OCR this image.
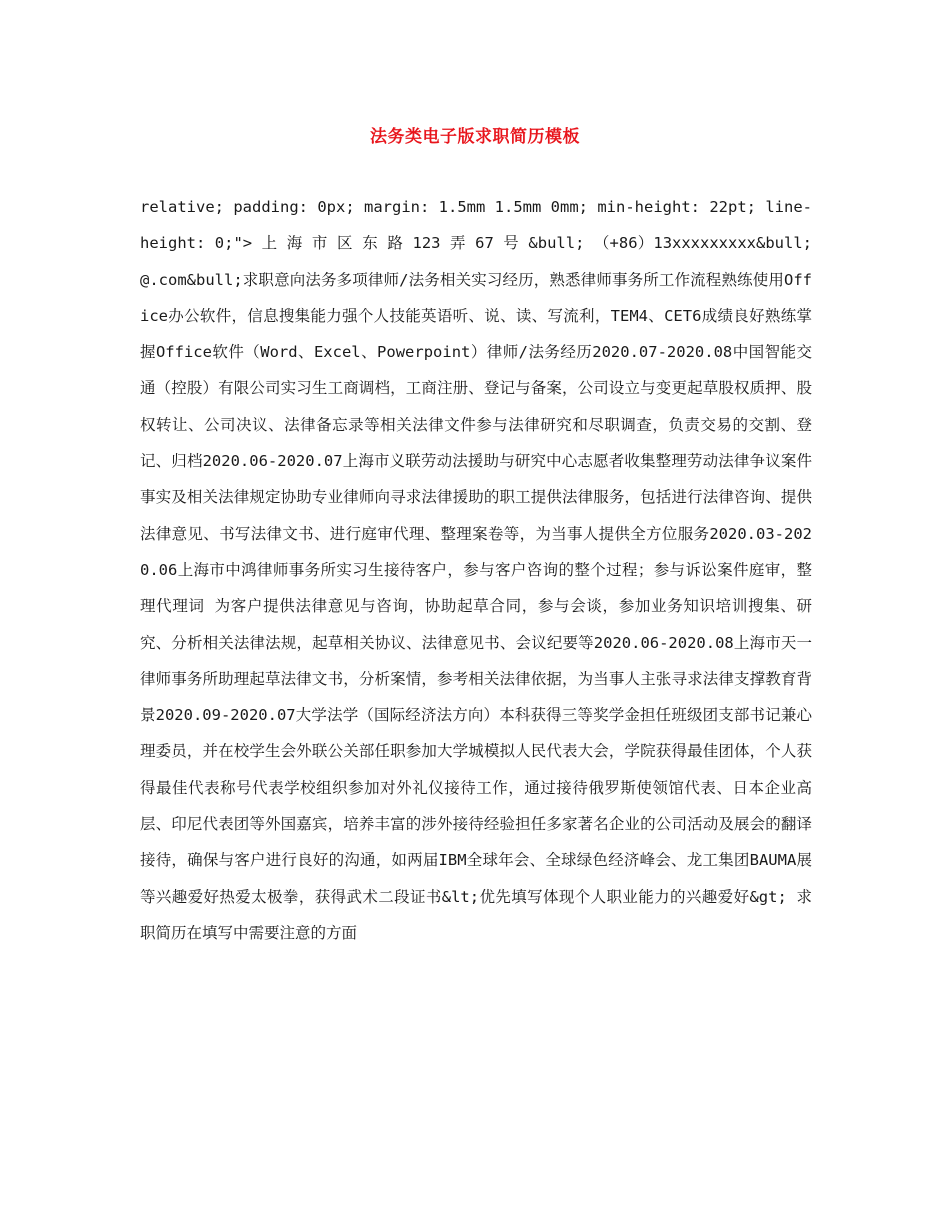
法务类电子版求职简历模板

relative; padding: 0px; margin: 1.5mm 1.5mm 0mm; min-height: 22pt; line-height: 0;"> 上 海 市 区 东 路 123 弄 67 号 &bull; （+86）13xxxxxxxxx&bull;@.com&bull;求职意向法务多项律师/法务相关实习经历，熟悉律师事务所工作流程熟练使用Office办公软件，信息搜集能力强个人技能英语听、说、读、写流利，TEM4、CET6成绩良好熟练掌握Office软件（Word、Excel、Powerpoint）律师/法务经历2020.07-2020.08中国智能交通（控股）有限公司实习生工商调档，工商注册、登记与备案，公司设立与变更起草股权质押、股权转让、公司决议、法律备忘录等相关法律文件参与法律研究和尽职调查，负责交易的交割、登记、归档2020.06-2020.07上海市义联劳动法援助与研究中心志愿者收集整理劳动法律争议案件事实及相关法律规定协助专业律师向寻求法律援助的职工提供法律服务，包括进行法律咨询、提供法律意见、书写法律文书、进行庭审代理、整理案卷等，为当事人提供全方位服务2020.03-2020.06上海市中鸿律师事务所实习生接待客户，参与客户咨询的整个过程；参与诉讼案件庭审，整理代理词 为客户提供法律意见与咨询，协助起草合同，参与会谈，参加业务知识培训搜集、研究、分析相关法律法规，起草相关协议、法律意见书、会议纪要等2020.06-2020.08上海市天一律师事务所助理起草法律文书，分析案情，参考相关法律依据，为当事人主张寻求法律支撑教育背景2020.09-2020.07大学法学（国际经济法方向）本科获得三等奖学金担任班级团支部书记兼心理委员，并在校学生会外联公关部任职参加大学城模拟人民代表大会，学院获得最佳团体，个人获得最佳代表称号代表学校组织参加对外礼仪接待工作，通过接待俄罗斯使领馆代表、日本企业高层、印尼代表团等外国嘉宾，培养丰富的涉外接待经验担任多家著名企业的公司活动及展会的翻译接待，确保与客户进行良好的沟通，如两届IBM全球年会、全球绿色经济峰会、龙工集团BAUMA展等兴趣爱好热爱太极拳，获得武术二段证书&lt;优先填写体现个人职业能力的兴趣爱好&gt; 求职简历在填写中需要注意的方面
